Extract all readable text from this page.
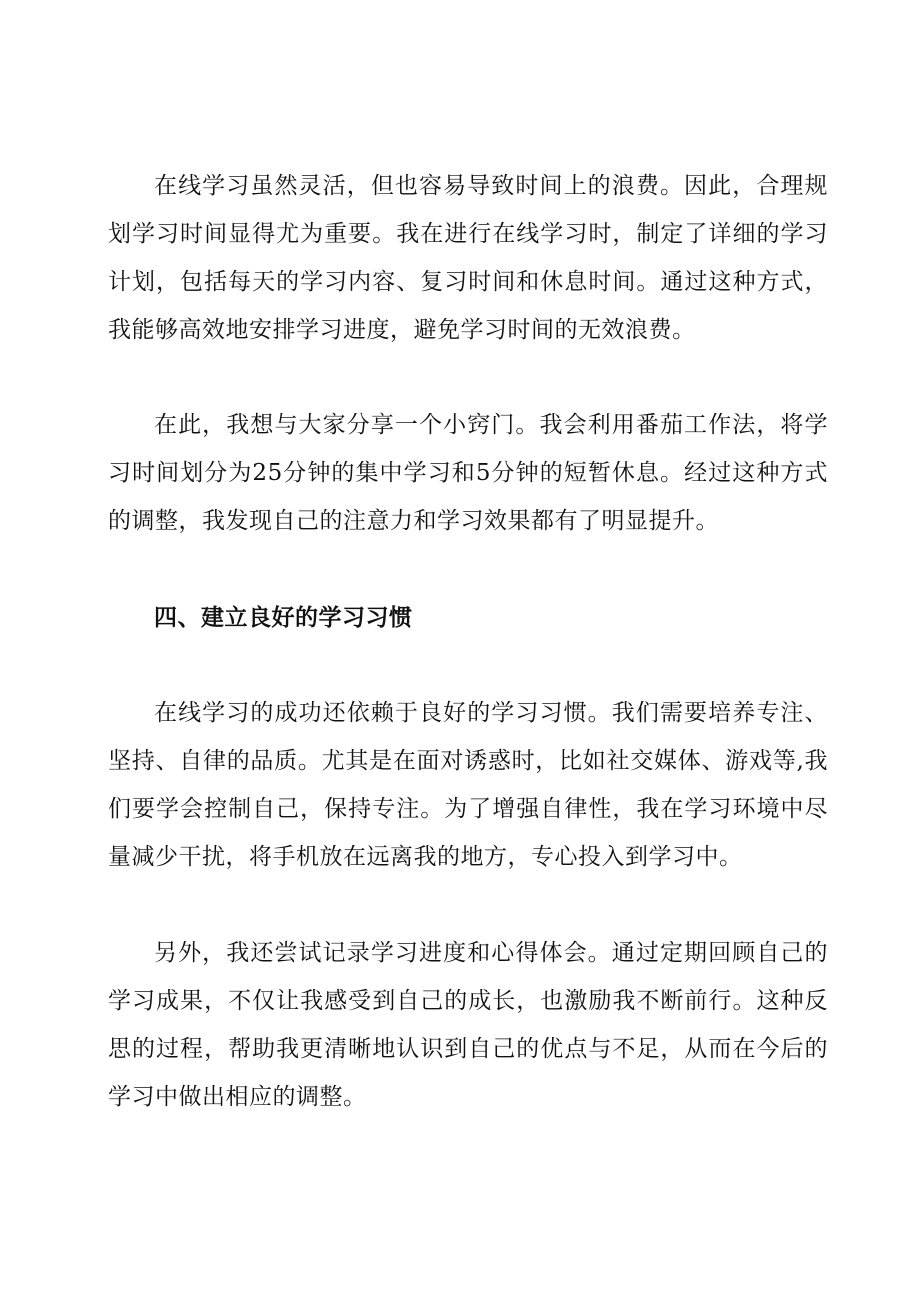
在线学习虽然灵活，但也容易导致时间上的浪费。因此，合理规划学习时间显得尤为重要。我在进行在线学习时，制定了详细的学习计划，包括每天的学习内容、复习时间和休息时间。通过这种方式，我能够高效地安排学习进度，避免学习时间的无效浪费。

在此，我想与大家分享一个小窍门。我会利用番茄工作法，将学习时间划分为25分钟的集中学习和5分钟的短暂休息。经过这种方式的调整，我发现自己的注意力和学习效果都有了明显提升。

四、建立良好的学习习惯

在线学习的成功还依赖于良好的学习习惯。我们需要培养专注、坚持、自律的品质。尤其是在面对诱惑时，比如社交媒体、游戏等,我们要学会控制自己，保持专注。为了增强自律性，我在学习环境中尽量减少干扰，将手机放在远离我的地方，专心投入到学习中。

另外，我还尝试记录学习进度和心得体会。通过定期回顾自己的学习成果，不仅让我感受到自己的成长，也激励我不断前行。这种反思的过程，帮助我更清晰地认识到自己的优点与不足，从而在今后的学习中做出相应的调整。
